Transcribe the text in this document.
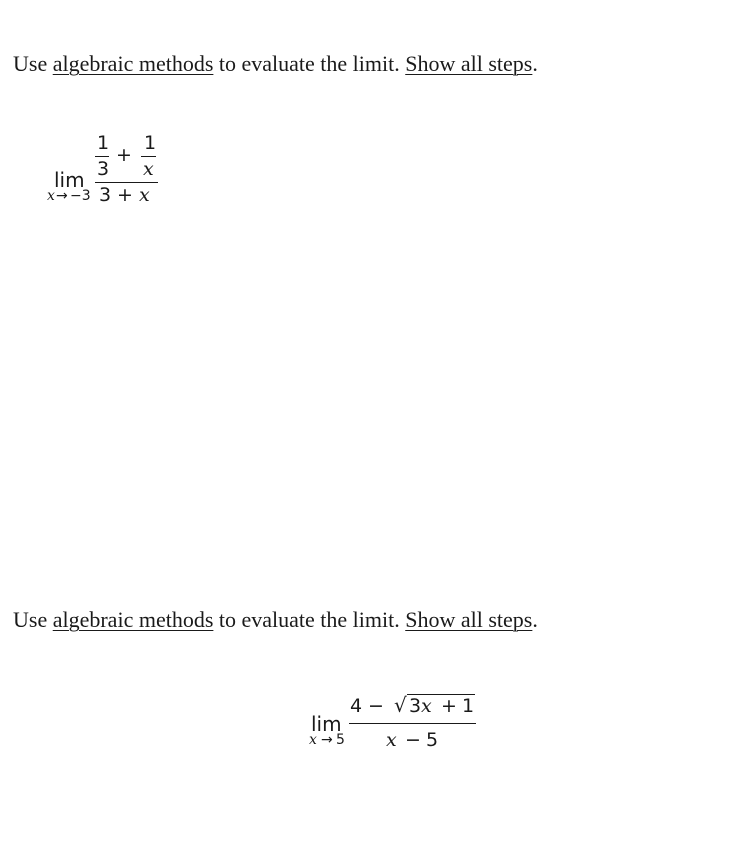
Use algebraic methods to evaluate the limit. Show all steps.
lim
x → −3
1
3
+
1
x
3 + x
Use algebraic methods to evaluate the limit. Show all steps.
lim
x → 5
4 − √ 3 x + 1
x − 5
